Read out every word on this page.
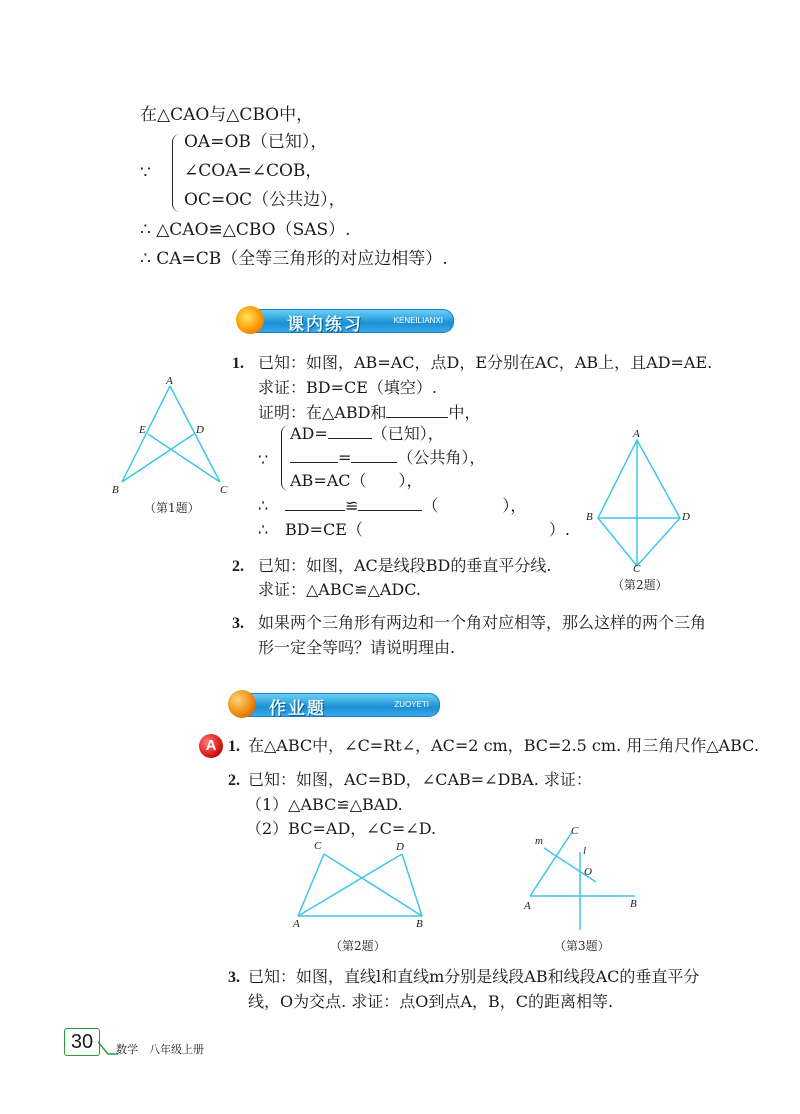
在△CAO与△CBO中，
∵
OA=OB（已知），
∠COA=∠COB，
OC=OC（公共边），
∴ △CAO≌△CBO（SAS）.
∴ CA=CB（全等三角形的对应边相等）.
课内练习	KENEILIANXI
A
E	D
B	C
（第1题）
1. 已知：如图，AB=AC，点D，E分别在AC，AB上，且AD=AE.
求证：BD=CE（填空）.
证明：在△ABD和	中，
∵
AD=	（已知），
=	（公共角），
AB=AC（　　），
∴	≌	（　　　　），
∴ BD=CE（	）.
2. 已知：如图，AC是线段BD的垂直平分线.
求证：△ABC≌△ADC.
3. 如果两个三角形有两边和一个角对应相等，那么这样的两个三角
形一定全等吗？请说明理由.
A
B	D
C
（第2题）
作业题	ZUOYETI
A 1. 在△ABC中，∠C=Rt∠，AC=2 cm，BC=2.5 cm. 用三角尺作△ABC.
2. 已知：如图，AC=BD，∠CAB=∠DBA. 求证：
（1）△ABC≌△BAD.
（2）BC=AD，∠C=∠D.
C	D
A	B
（第2题）
C
m
l
O
A	B
（第3题）
3. 已知：如图，直线l和直线m分别是线段AB和线段AC的垂直平分
线，O为交点. 求证：点O到点A，B，C的距离相等.
30	数学　八年级上册
